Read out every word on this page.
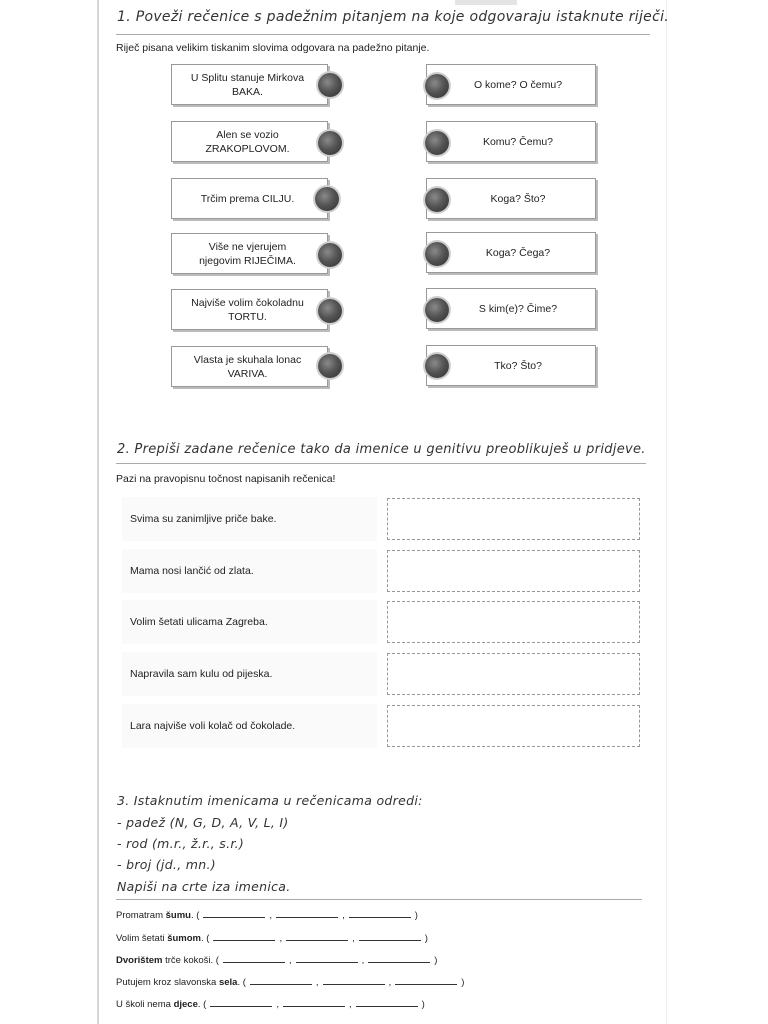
1. Poveži rečenice s padežnim pitanjem na koje odgovaraju istaknute riječi.
Riječ pisana velikim tiskanim slovima odgovara na padežno pitanje.
U Splitu stanuje Mirkova
BAKA.
Alen se vozio
ZRAKOPLOVOM.
Trčim prema CILJU.
Više ne vjerujem
njegovim RIJEČIMA.
Najviše volim čokoladnu
TORTU.
Vlasta je skuhala lonac
VARIVA.
O kome? O čemu?
Komu? Čemu?
Koga? Što?
Koga? Čega?
S kim(e)? Čime?
Tko? Što?
2. Prepiši zadane rečenice tako da imenice u genitivu preoblikuješ u pridjeve.
Pazi na pravopisnu točnost napisanih rečenica!
Svima su zanimljive priče bake.
Mama nosi lančić od zlata.
Volim šetati ulicama Zagreba.
Napravila sam kulu od pijeska.
Lara najviše voli kolač od čokolade.
3. Istaknutim imenicama u rečenicama odredi:
- padež (N, G, D, A, V, L, I)
- rod (m.r., ž.r., s.r.)
- broj (jd., mn.)
Napiši na crte iza imenica.
Promatram šumu. (	,	,	)
Volim šetati šumom. (	,	,	)
Dvorištem trče kokoši. (	,	,	)
Putujem kroz slavonska sela. (	,	,	)
U školi nema djece. (	,	,	)
